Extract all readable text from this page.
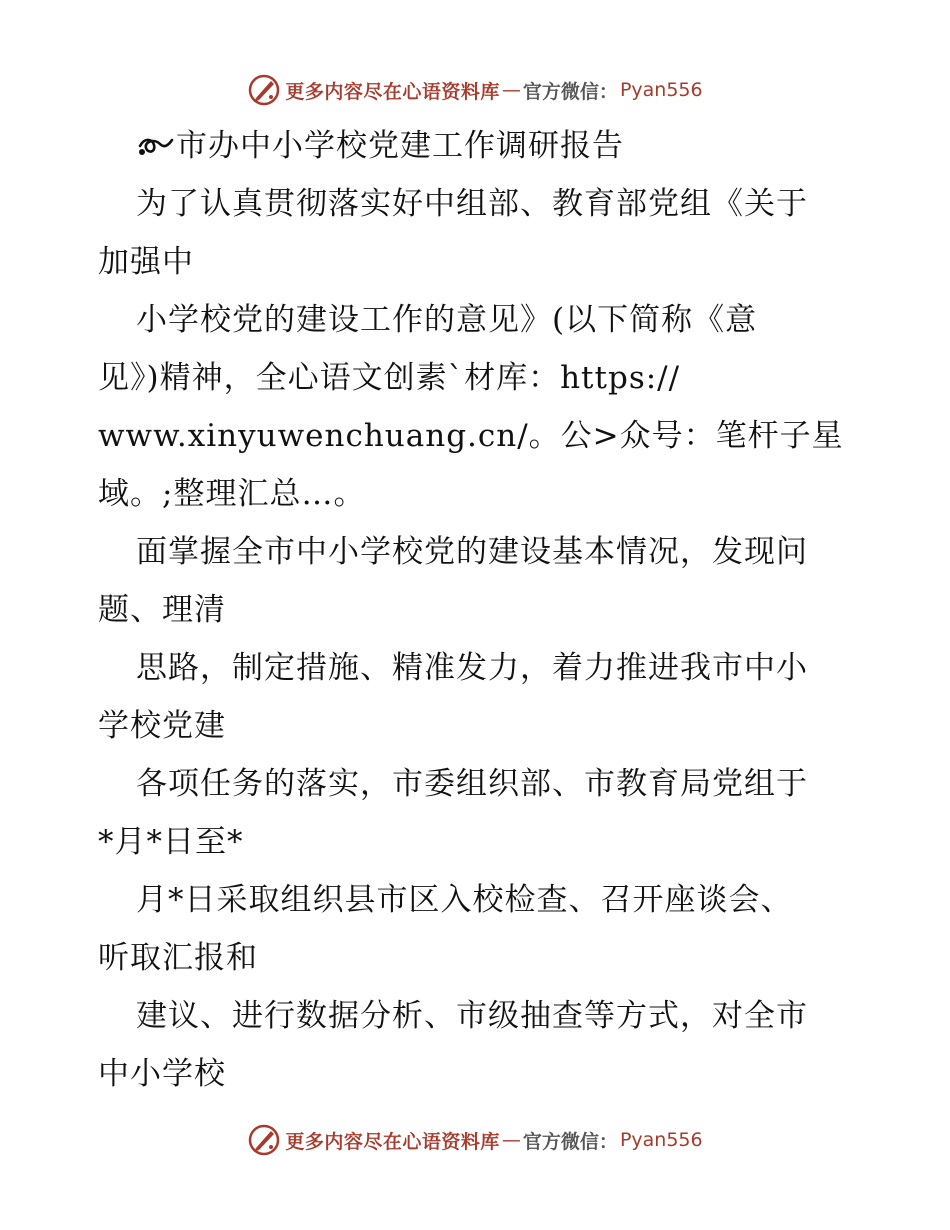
更多内容尽在心语资料库 — 官方微信： Pyan556
市办中小学校党建工作调研报告
为了认真贯彻落实好中组部、教育部党组《关于
加强中
小学校党的建设工作的意见》(以下简称《意
见》)精神，全心语文创素`材库：https://
www.xinyuwenchuang.cn/。公>众号：笔杆子星
域。;整理汇总…。
面掌握全市中小学校党的建设基本情况，发现问
题、理清
思路，制定措施、精准发力，着力推进我市中小
学校党建
各项任务的落实，市委组织部、市教育局党组于
*月*日至*
月*日采取组织县市区入校检查、召开座谈会、
听取汇报和
建议、进行数据分析、市级抽查等方式，对全市
中小学校
更多内容尽在心语资料库 — 官方微信： Pyan556
